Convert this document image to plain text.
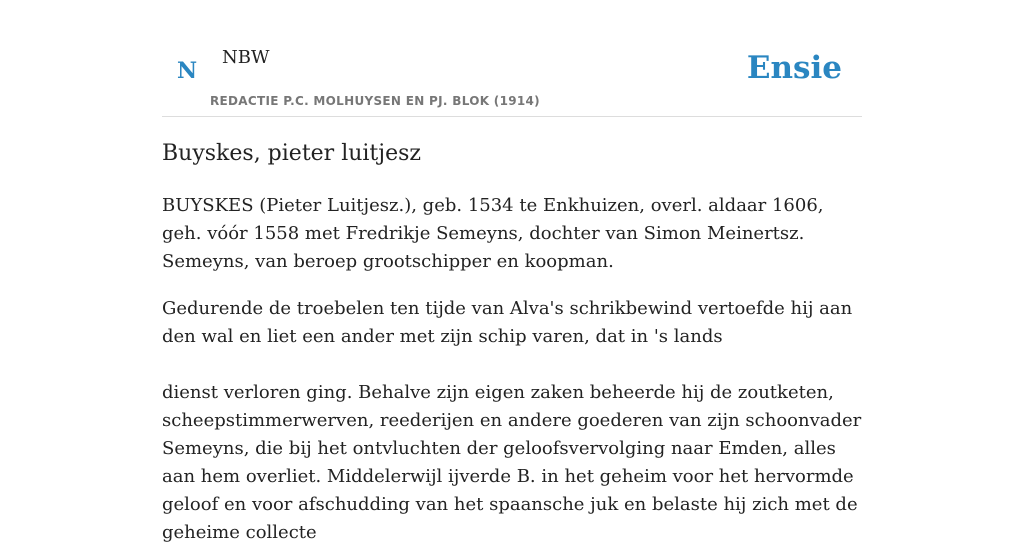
N
NBW
REDACTIE P.C. MOLHUYSEN EN PJ. BLOK (1914)
Ensie
Buyskes, pieter luitjesz

BUYSKES (Pieter Luitjesz.), geb. 1534 te Enkhuizen, overl. aldaar 1606, geh. vóór 1558 met Fredrikje Semeyns, dochter van Simon Meinertsz. Semeyns, van beroep grootschipper en koopman.

Gedurende de troebelen ten tijde van Alva's schrikbewind vertoefde hij aan den wal en liet een ander met zijn schip varen, dat in 's lands

dienst verloren ging. Behalve zijn eigen zaken beheerde hij de zoutketen, scheepstimmerwerven, reederijen en andere goederen van zijn schoonvader Semeyns, die bij het ontvluchten der geloofsvervolging naar Emden, alles aan hem overliet. Middelerwijl ijverde B. in het geheim voor het hervormde geloof en voor afschudding van het spaansche juk en belaste hij zich met de geheime collecte
